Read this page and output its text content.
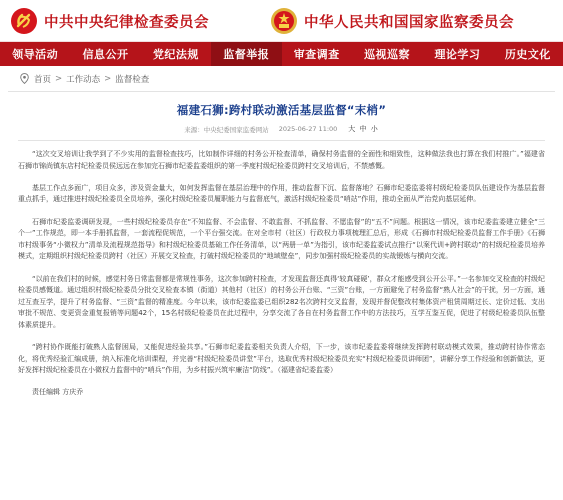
中共中央纪律检查委员会	中华人民共和国国家监察委员会
领导活动	信息公开	党纪法规	监督举报	审查调查	巡视巡察	理论学习	历史文化
首页 > 工作动态 > 监督检查
福建石狮:跨村联动激活基层监督“末梢”
来源：中央纪委国家监委网站 2025-06-27 11:00 大 中 小

“这次交叉培训让我学到了不少实用的监督检查技巧，比如制作详细的村务公开检查清单，确保村务监督的全面性和细致性，这种做法我也打算在我们村推广。”福建省石狮市锦尚镇东店村纪检委员侯远远在参加完石狮市纪委监委组织的第一季度村级纪检委员跨村交叉培训后，不禁感慨。

基层工作点多面广，项目众多，涉及资金量大，如何发挥监督在基层治理中的作用，推动监督下沉、监督落地？石狮市纪委监委将村级纪检委员队伍建设作为基层监督重点抓手，通过推进村级纪检委员全员培养，强化村级纪检委员履职能力与监督底气，激活村级纪检委员“哨站”作用，推动全面从严治党向基层延伸。

石狮市纪委监委调研发现，一些村级纪检委员存在“不知监督、不会监督、不敢监督、不抓监督、不愿监督”的“五不”问题。根据这一情况，该市纪委监委建立健全“三个一”工作规范，即一本手册抓监督，一套流程促规范，一个平台强交流。在对全市村（社区）行政权力事项梳理汇总后，形成《石狮市村级纪检委员监督工作手册》《石狮市村级事务“小微权力”清单及流程规范指导》和村级纪检委员基础工作任务清单，以“两册一单”为指引，该市纪委监委试点推行“以案代训+跨村联动”的村级纪检委员培养模式，定期组织村级纪检委员跨村（社区）开展交叉检查，打破村级纪检委员的“地域壁垒”，同步加强村级纪检委员的实战锻炼与横向交流。

“以前在我们村的时候，感觉村务日常监督都是常规性事务，这次参加跨村检查，才发现监督还真得‘较真碰硬’，群众才能感受到公开公平。”一名参加交叉检查的村级纪检委员感慨道。通过组织村级纪检委员分批交叉检查本镇（街道）其他村（社区）的村务公开台账、“三资”台账，一方面避免了村务监督“熟人社会”的干扰，另一方面，通过互查互学，提升了村务监督、“三资”监督的精准度。今年以来，该市纪委监委已组织282名次跨村交叉监督，发现并督促整改村集体资产租赁周期过长、定价过低、支出审批不规范、变更资金重复报销等问题42个，15名村级纪检委员在此过程中，分享交流了各自在村务监督工作中的方法技巧，互学互鉴互促，促进了村级纪检委员队伍整体素质提升。

“跨村协作既能打破熟人监督困局，又能促进经验共享。”石狮市纪委监委相关负责人介绍，下一步，该市纪委监委将继续发挥跨村联动模式效果，推动跨村协作常态化，将优秀经验汇编成册，纳入标准化培训课程，并完善“村级纪检委员讲堂”平台，选取优秀村级纪检委员充实“村级纪检委员讲师团”，讲解分享工作经验和创新做法，更好发挥村级纪检委员在小微权力监督中的“哨兵”作用，为乡村振兴筑牢廉洁“防线”。（福建省纪委监委）

责任编辑 方庆乔
